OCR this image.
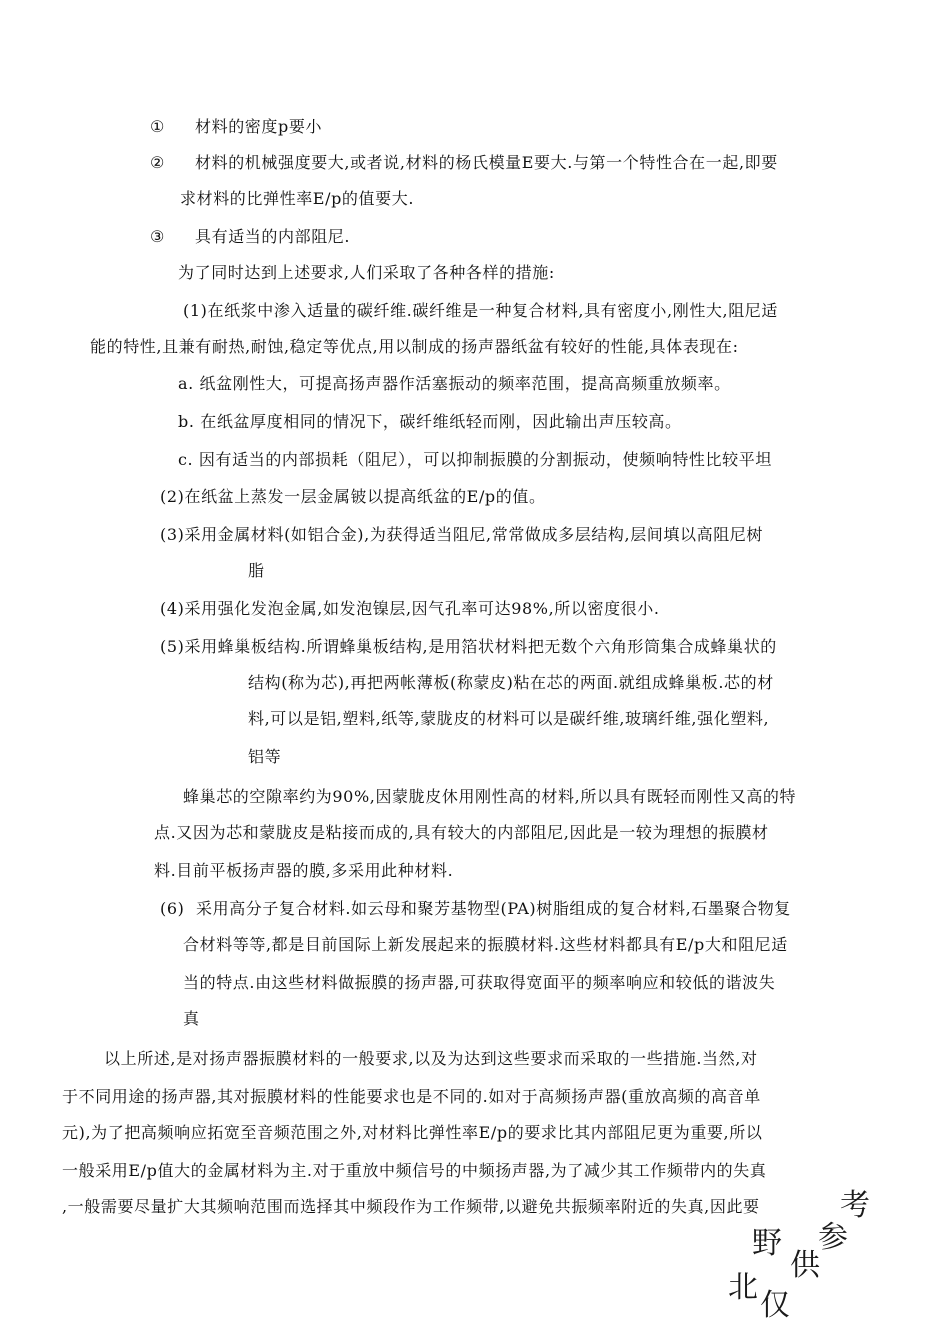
① 材料的密度p要小
② 材料的机械强度要大,或者说,材料的杨氏模量E要大.与第一个特性合在一起,即要
求材料的比弹性率E/p的值要大.
③ 具有适当的内部阻尼.
为了同时达到上述要求,人们采取了各种各样的措施:
(1)在纸浆中渗入适量的碳纤维.碳纤维是一种复合材料,具有密度小,刚性大,阻尼适
能的特性,且兼有耐热,耐蚀,稳定等优点,用以制成的扬声器纸盆有较好的性能,具体表现在:
a. 纸盆刚性大，可提高扬声器作活塞振动的频率范围，提高高频重放频率。
b. 在纸盆厚度相同的情况下，碳纤维纸轻而刚，因此输出声压较高。
c. 因有适当的内部损耗（阻尼），可以抑制振膜的分割振动，使频响特性比较平坦
(2)在纸盆上蒸发一层金属铍以提高纸盆的E/p的值。
(3)采用金属材料(如铝合金),为获得适当阻尼,常常做成多层结构,层间填以高阻尼树
脂
(4)采用强化发泡金属,如发泡镍层,因气孔率可达98%,所以密度很小.
(5)采用蜂巢板结构.所谓蜂巢板结构,是用箔状材料把无数个六角形筒集合成蜂巢状的
结构(称为芯),再把两帐薄板(称蒙皮)粘在芯的两面.就组成蜂巢板.芯的材
料,可以是铝,塑料,纸等,蒙胧皮的材料可以是碳纤维,玻璃纤维,强化塑料,
铝等
蜂巢芯的空隙率约为90%,因蒙胧皮休用刚性高的材料,所以具有既轻而刚性又高的特
点.又因为芯和蒙胧皮是粘接而成的,具有较大的内部阻尼,因此是一较为理想的振膜材
料.目前平板扬声器的膜,多采用此种材料.
(6) 采用高分子复合材料.如云母和聚芳基物型(PA)树脂组成的复合材料,石墨聚合物复
合材料等等,都是目前国际上新发展起来的振膜材料.这些材料都具有E/p大和阻尼适
当的特点.由这些材料做振膜的扬声器,可获取得宽面平的频率响应和较低的谐波失
真
以上所述,是对扬声器振膜材料的一般要求,以及为达到这些要求而采取的一些措施.当然,对
于不同用途的扬声器,其对振膜材料的性能要求也是不同的.如对于高频扬声器(重放高频的高音单
元),为了把高频响应拓宽至音频范围之外,对材料比弹性率E/p的要求比其内部阻尼更为重要,所以
一般采用E/p值大的金属材料为主.对于重放中频信号的中频扬声器,为了减少其工作频带内的失真
,一般需要尽量扩大其频响范围而选择其中频段作为工作频带,以避免共振频率附近的失真,因此要
北
仅
野
供
参
考
